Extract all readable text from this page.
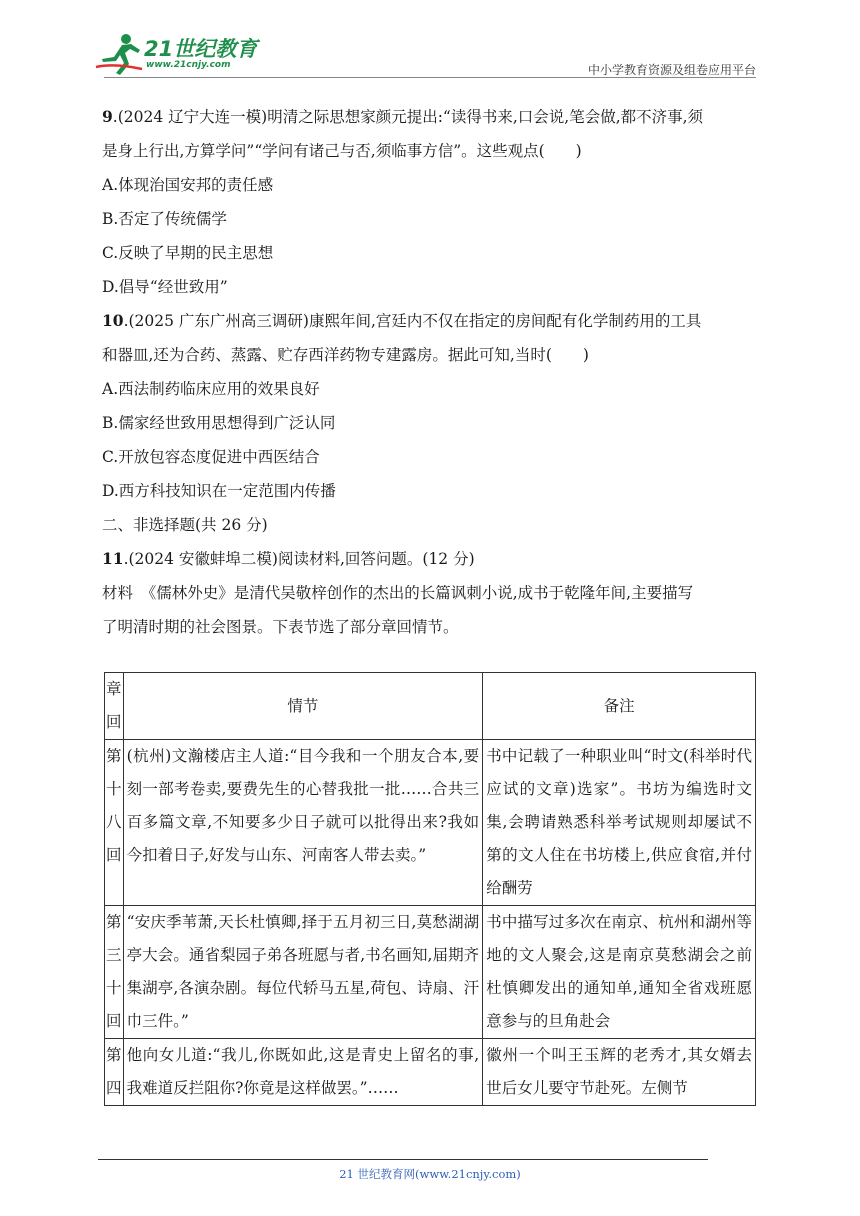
21世纪教育
www.21cnjy.com	中小学教育资源及组卷应用平台
9.(2024 辽宁大连一模)明清之际思想家颜元提出:“读得书来,口会说,笔会做,都不济事,须
是身上行出,方算学问”“学问有诸己与否,须临事方信”。这些观点(　　)
A.体现治国安邦的责任感
B.否定了传统儒学
C.反映了早期的民主思想
D.倡导“经世致用”
10.(2025 广东广州高三调研)康熙年间,宫廷内不仅在指定的房间配有化学制药用的工具
和器皿,还为合药、蒸露、贮存西洋药物专建露房。据此可知,当时(　　)
A.西法制药临床应用的效果良好
B.儒家经世致用思想得到广泛认同
C.开放包容态度促进中西医结合
D.西方科技知识在一定范围内传播
二、非选择题(共 26 分)
11.(2024 安徽蚌埠二模)阅读材料,回答问题。(12 分)
材料　《儒林外史》是清代吴敬梓创作的杰出的长篇讽刺小说,成书于乾隆年间,主要描写
了明清时期的社会图景。下表节选了部分章回情节。
章回	情节	备注
第十八回	(杭州)文瀚楼店主人道:“目今我和一个朋友合本,要刻一部考卷卖,要费先生的心替我批一批……合共三百多篇文章,不知要多少日子就可以批得出来?我如今扣着日子,好发与山东、河南客人带去卖。”	书中记载了一种职业叫“时文(科举时代应试的文章)选家”。书坊为编选时文集,会聘请熟悉科举考试规则却屡试不第的文人住在书坊楼上,供应食宿,并付给酬劳
第三十回	“安庆季苇萧,天长杜慎卿,择于五月初三日,莫愁湖湖亭大会。通省梨园子弟各班愿与者,书名画知,届期齐集湖亭,各演杂剧。每位代轿马五星,荷包、诗扇、汗巾三件。”	书中描写过多次在南京、杭州和湖州等地的文人聚会,这是南京莫愁湖会之前杜慎卿发出的通知单,通知全省戏班愿意参与的旦角赴会
第四	他向女儿道:“我儿,你既如此,这是青史上留名的事,我难道反拦阻你?你竟是这样做罢。”……	徽州一个叫王玉辉的老秀才,其女婿去世后女儿要守节赴死。左侧节
21 世纪教育网(www.21cnjy.com)
